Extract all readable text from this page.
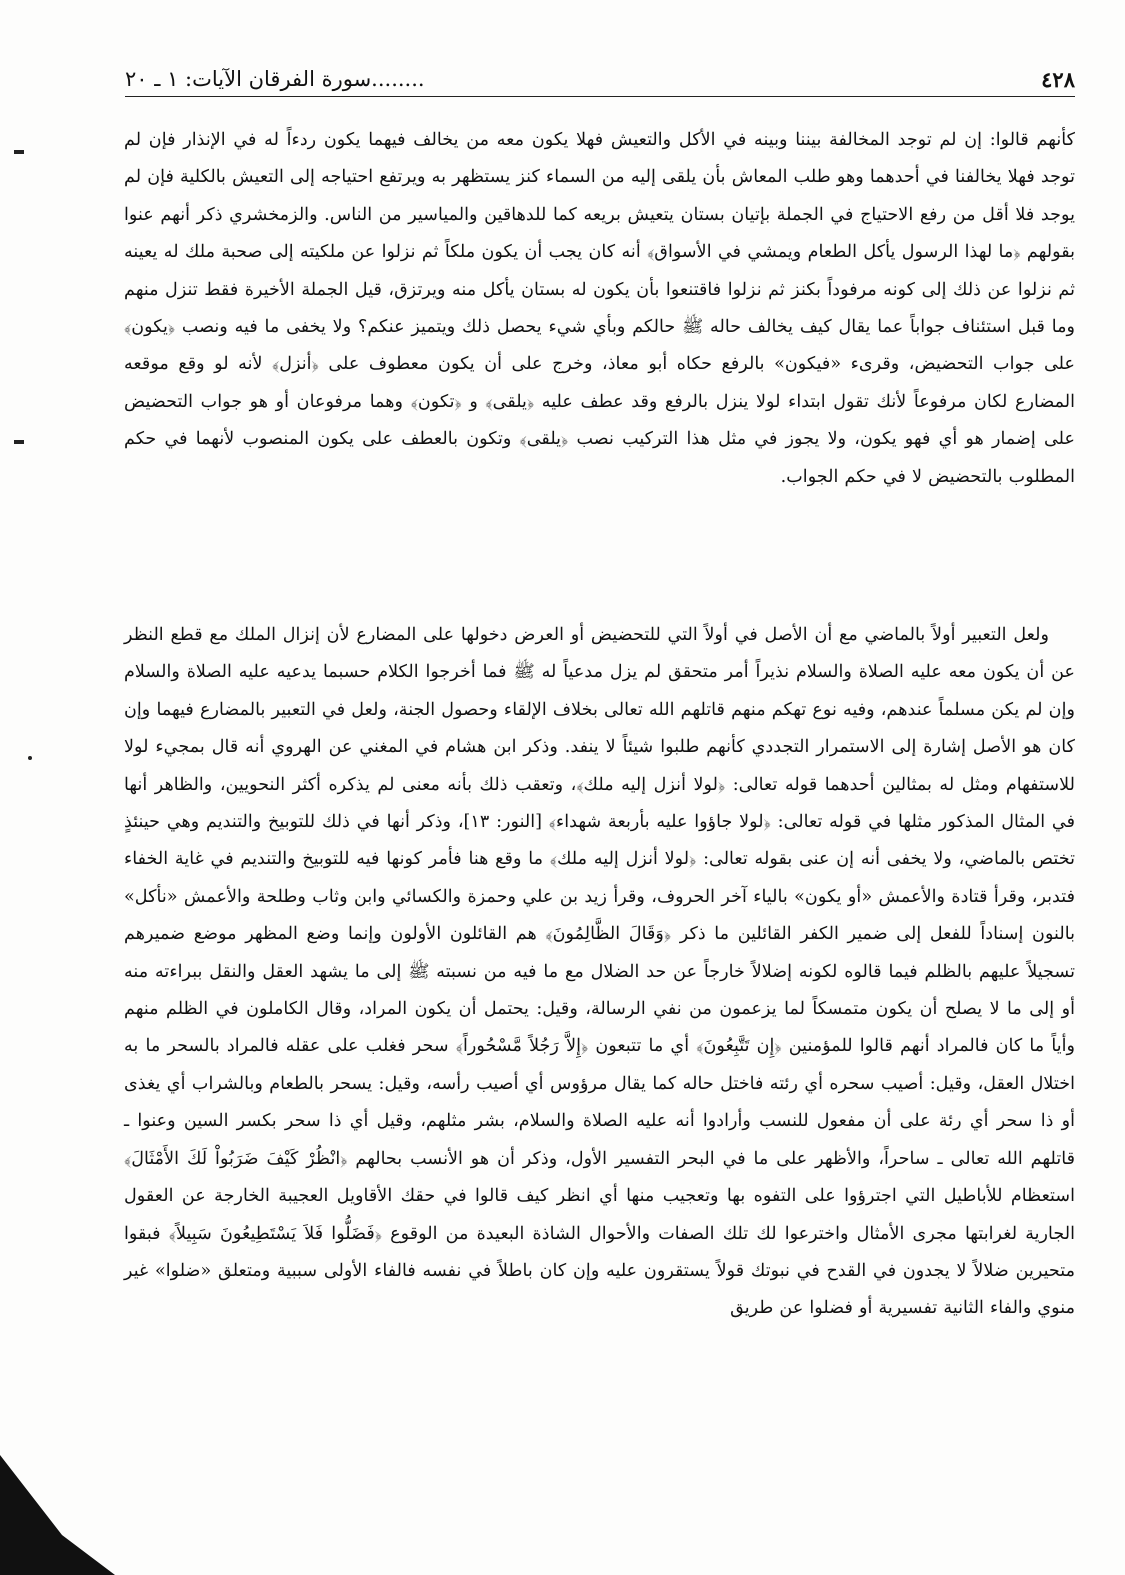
٤٢٨
........سورة الفرقان الآيات: ١ ـ ٢٠

كأنهم قالوا: إن لم توجد المخالفة بيننا وبينه في الأكل والتعيش فهلا يكون معه من يخالف فيهما يكون ردءاً له في الإنذار فإن لم توجد فهلا يخالفنا في أحدهما وهو طلب المعاش بأن يلقى إليه من السماء كنز يستظهر به ويرتفع احتياجه إلى التعيش بالكلية فإن لم يوجد فلا أقل من رفع الاحتياج في الجملة بإتيان بستان يتعيش بريعه كما للدهاقين والمياسير من الناس. والزمخشري ذكر أنهم عنوا بقولهم ﴿ما لهذا الرسول يأكل الطعام ويمشي في الأسواق﴾ أنه كان يجب أن يكون ملكاً ثم نزلوا عن ملكيته إلى صحبة ملك له يعينه ثم نزلوا عن ذلك إلى كونه مرفوداً بكنز ثم نزلوا فاقتنعوا بأن يكون له بستان يأكل منه ويرتزق، قيل الجملة الأخيرة فقط تنزل منهم وما قبل استئناف جواباً عما يقال كيف يخالف حاله ﷺ حالكم وبأي شيء يحصل ذلك ويتميز عنكم؟ ولا يخفى ما فيه ونصب ﴿يكون﴾ على جواب التحضيض، وقرىء «فيكون» بالرفع حكاه أبو معاذ، وخرج على أن يكون معطوف على ﴿أنزل﴾ لأنه لو وقع موقعه المضارع لكان مرفوعاً لأنك تقول ابتداء لولا ينزل بالرفع وقد عطف عليه ﴿يلقى﴾ و ﴿تكون﴾ وهما مرفوعان أو هو جواب التحضيض على إضمار هو أي فهو يكون، ولا يجوز في مثل هذا التركيب نصب ﴿يلقى﴾ وتكون بالعطف على يكون المنصوب لأنهما في حكم المطلوب بالتحضيض لا في حكم الجواب.

ولعل التعبير أولاً بالماضي مع أن الأصل في أولاً التي للتحضيض أو العرض دخولها على المضارع لأن إنزال الملك مع قطع النظر عن أن يكون معه عليه الصلاة والسلام نذيراً أمر متحقق لم يزل مدعياً له ﷺ فما أخرجوا الكلام حسبما يدعيه عليه الصلاة والسلام وإن لم يكن مسلماً عندهم، وفيه نوع تهكم منهم قاتلهم الله تعالى بخلاف الإلقاء وحصول الجنة، ولعل في التعبير بالمضارع فيهما وإن كان هو الأصل إشارة إلى الاستمرار التجددي كأنهم طلبوا شيئاً لا ينفد. وذكر ابن هشام في المغني عن الهروي أنه قال بمجيء لولا للاستفهام ومثل له بمثالين أحدهما قوله تعالى: ﴿لولا أنزل إليه ملك﴾، وتعقب ذلك بأنه معنى لم يذكره أكثر النحويين، والظاهر أنها في المثال المذكور مثلها في قوله تعالى: ﴿لولا جاؤوا عليه بأربعة شهداء﴾ [النور: ١٣]، وذكر أنها في ذلك للتوبيخ والتنديم وهي حينئذٍ تختص بالماضي، ولا يخفى أنه إن عنى بقوله تعالى: ﴿لولا أنزل إليه ملك﴾ ما وقع هنا فأمر كونها فيه للتوبيخ والتنديم في غاية الخفاء فتدبر، وقرأ قتادة والأعمش «أو يكون» بالياء آخر الحروف، وقرأ زيد بن علي وحمزة والكسائي وابن وثاب وطلحة والأعمش «نأكل» بالنون إسناداً للفعل إلى ضمير الكفر القائلين ما ذكر ﴿وَقَالَ الظَّالِمُونَ﴾ هم القائلون الأولون وإنما وضع المظهر موضع ضميرهم تسجيلاً عليهم بالظلم فيما قالوه لكونه إضلالاً خارجاً عن حد الضلال مع ما فيه من نسبته ﷺ إلى ما يشهد العقل والنقل ببراءته منه أو إلى ما لا يصلح أن يكون متمسكاً لما يزعمون من نفي الرسالة، وقيل: يحتمل أن يكون المراد، وقال الكاملون في الظلم منهم وأياً ما كان فالمراد أنهم قالوا للمؤمنين ﴿إِن تَتَّبِعُونَ﴾ أي ما تتبعون ﴿إِلاَّ رَجُلاً مَّسْحُوراً﴾ سحر فغلب على عقله فالمراد بالسحر ما به اختلال العقل، وقيل: أصيب سحره أي رئته فاختل حاله كما يقال مرؤوس أي أصيب رأسه، وقيل: يسحر بالطعام وبالشراب أي يغذى أو ذا سحر أي رئة على أن مفعول للنسب وأرادوا أنه عليه الصلاة والسلام، بشر مثلهم، وقيل أي ذا سحر بكسر السين وعنوا ـ قاتلهم الله تعالى ـ ساحراً، والأظهر على ما في البحر التفسير الأول، وذكر أن هو الأنسب بحالهم ﴿انْظُرْ كَيْفَ ضَرَبُواْ لَكَ الأَمْثَالَ﴾ استعظام للأباطيل التي اجترؤوا على التفوه بها وتعجيب منها أي انظر كيف قالوا في حقك الأقاويل العجيبة الخارجة عن العقول الجارية لغرابتها مجرى الأمثال واخترعوا لك تلك الصفات والأحوال الشاذة البعيدة من الوقوع ﴿فَضَلُّوا فَلاَ يَسْتَطِيعُونَ سَبِيلاً﴾ فبقوا متحيرين ضلالاً لا يجدون في القدح في نبوتك قولاً يستقرون عليه وإن كان باطلاً في نفسه فالفاء الأولى سببية ومتعلق «ضلوا» غير منوي والفاء الثانية تفسيرية أو فضلوا عن طريق
